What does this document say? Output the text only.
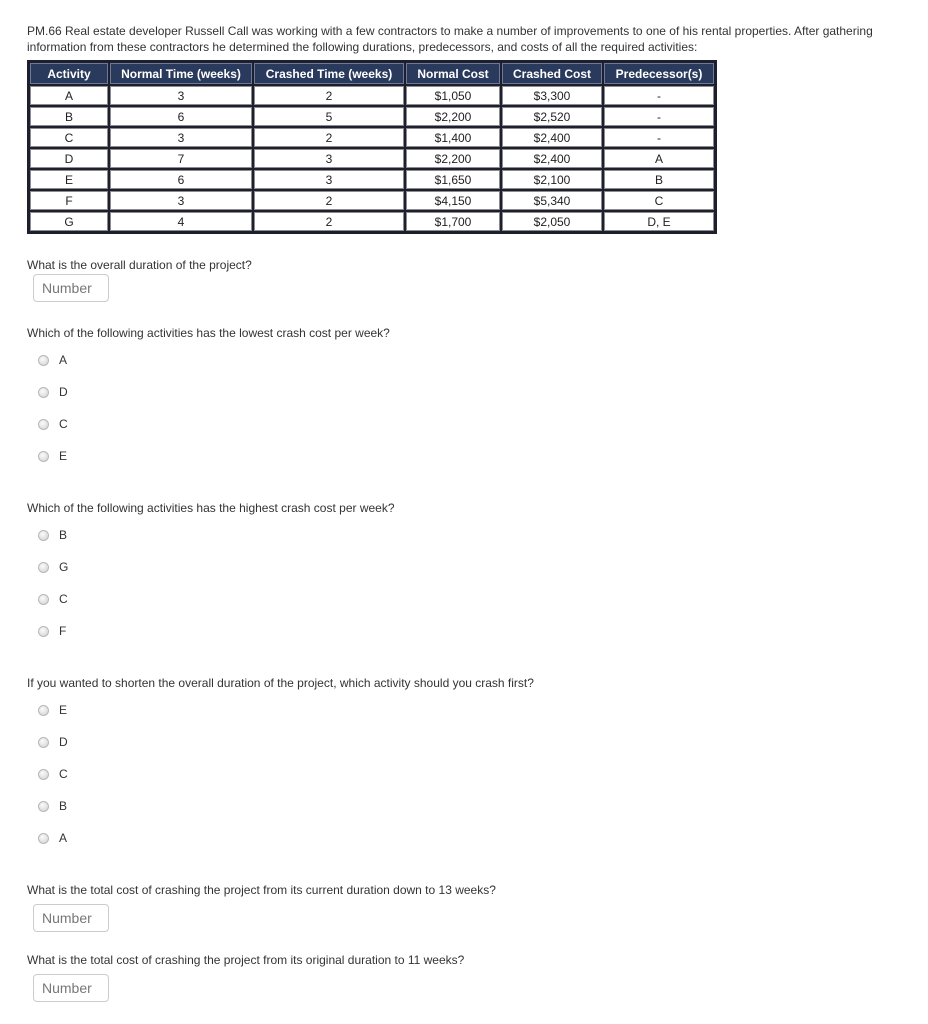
PM.66 Real estate developer Russell Call was working with a few contractors to make a number of improvements to one of his rental properties. After gathering information from these contractors he determined the following durations, predecessors, and costs of all the required activities:
Activity	Normal Time (weeks)	Crashed Time (weeks)	Normal Cost	Crashed Cost	Predecessor(s)
A	3	2	$1,050	$3,300	-
B	6	5	$2,200	$2,520	-
C	3	2	$1,400	$2,400	-
D	7	3	$2,200	$2,400	A
E	6	3	$1,650	$2,100	B
F	3	2	$4,150	$5,340	C
G	4	2	$1,700	$2,050	D, E
What is the overall duration of the project?
Number
Which of the following activities has the lowest crash cost per week?
A
D
C
E
Which of the following activities has the highest crash cost per week?
B
G
C
F
If you wanted to shorten the overall duration of the project, which activity should you crash first?
E
D
C
B
A
What is the total cost of crashing the project from its current duration down to 13 weeks?
Number
What is the total cost of crashing the project from its original duration to 11 weeks?
Number
